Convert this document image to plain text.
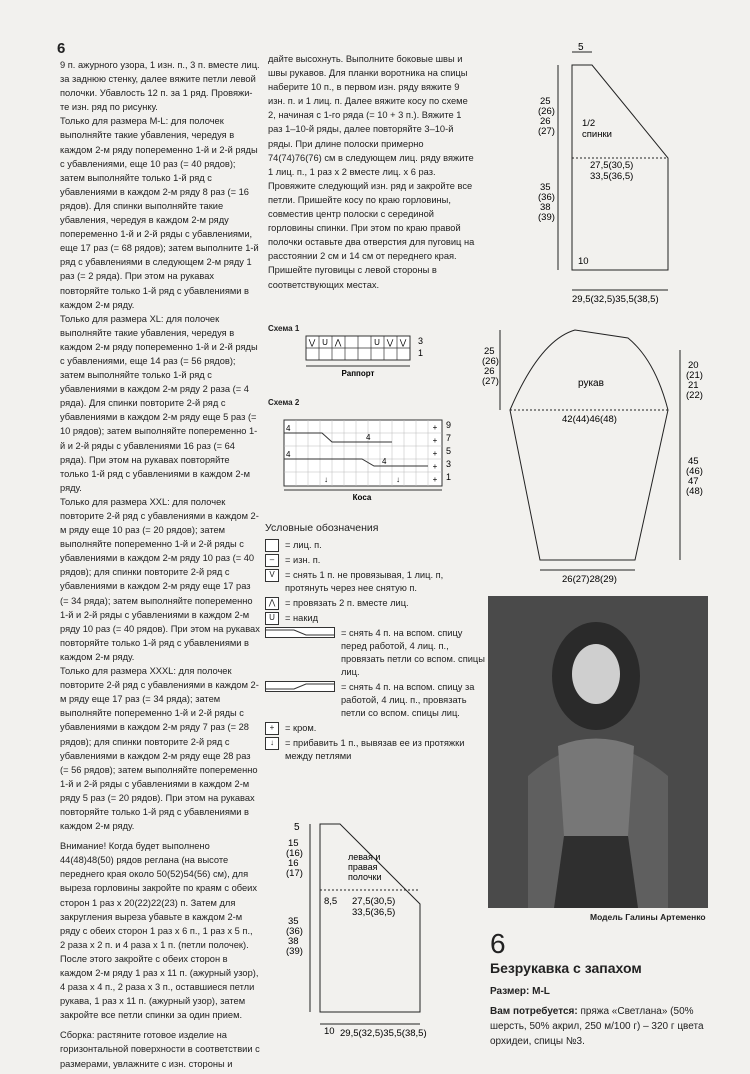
6

9 п. ажурного узора, 1 изн. п., 3 п. вместе лиц. за заднюю стенку, далее вяжите петли левой полочки. Убавлость 12 п. за 1 ряд. Провяжи-те изн. ряд по рисунку.

Только для размера M-L: для полочек выполняйте такие убавления, чередуя в каждом 2-м ряду попеременно 1-й и 2-й ряды с убавлениями, еще 10 раз (= 40 рядов); затем выполняйте только 1-й ряд с убавлениями в каждом 2-м ряду 8 раз (= 16 рядов). Для спинки выполняйте такие убавления, чередуя в каждом 2-м ряду попеременно 1-й и 2-й ряды с убавлениями, еще 17 раз (= 68 рядов); затем выполните 1-й ряд с убавлениями в следующем 2-м ряду 1 раз (= 2 ряда). При этом на рукавах повторяйте только 1-й ряд с убавлениями в каждом 2-м ряду.

Только для размера XL: для полочек выполняйте такие убавления, чередуя в каждом 2-м ряду попеременно 1-й и 2-й ряды с убавлениями, еще 14 раз (= 56 рядов); затем выполняйте только 1-й ряд с убавлениями в каждом 2-м ряду 2 раза (= 4 ряда). Для спинки повторите 2-й ряд с убавлениями в каждом 2-м ряду еще 5 раз (= 10 рядов); затем выполняйте попеременно 1-й и 2-й ряды с убавлениями 16 раз (= 64 ряда). При этом на рукавах повторяйте только 1-й ряд с убавлениями в каждом 2-м ряду.

Только для размера XXL: для полочек повторите 2-й ряд с убавлениями в каждом 2-м ряду еще 10 раз (= 20 рядов); затем выполняйте попеременно 1-й и 2-й ряды с убавлениями в каждом 2-м ряду 10 раз (= 40 рядов); для спинки повторите 2-й ряд с убавлениями в каждом 2-м ряду еще 17 раз (= 34 ряда); затем выполняйте попеременно 1-й и 2-й ряды с убавлениями в каждом 2-м ряду 10 раз (= 40 рядов). При этом на рукавах повторяйте только 1-й ряд с убавлениями в каждом 2-м ряду.

Только для размера XXXL: для полочек повторите 2-й ряд с убавлениями в каждом 2-м ряду еще 17 раз (= 34 ряда); затем выполняйте попеременно 1-й и 2-й ряды с убавлениями в каждом 2-м ряду 7 раз (= 28 рядов); для спинки повторите 2-й ряд с убавлениями в каждом 2-м ряду еще 28 раз (= 56 рядов); затем выполняйте попеременно 1-й и 2-й ряды с убавлениями в каждом 2-м ряду 5 раз (= 20 рядов). При этом на рукавах повторяйте только 1-й ряд с убавлениями в каждом 2-м ряду.

Внимание! Когда будет выполнено 44(48)48(50) рядов реглана (на высоте переднего края около 50(52)54(56) см), для выреза горловины закройте по краям с обеих сторон 1 раз х 20(22)22(23) п. Затем для закругления выреза убавьте в каждом 2-м ряду с обеих сторон 1 раз х 6 п., 1 раз х 5 п., 2 раза х 2 п. и 4 раза х 1 п. (петли полочек). После этого закройте с обеих сторон в каждом 2-м ряду 1 раз х 11 п. (ажурный узор), 4 раза х 4 п., 2 раза х 3 п., оставшиеся петли рукава, 1 раз х 11 п. (ажурный узор), затем закройте все петли спинки за один прием.

Сборка: растяните готовое изделие на горизонтальной поверхности в соответствии с размерами, увлажните с изн. стороны и

дайте высохнуть. Выполните боковые швы и швы рукавов. Для планки воротника на спицы наберите 10 п., в первом изн. ряду вяжите 9 изн. п. и 1 лиц. п. Далее вяжите косу по схеме 2, начиная с 1-го ряда (= 10 + 3 п.). Вяжите 1 раз 1–10-й ряды, далее повторяйте 3–10-й ряды. При длине полоски примерно 74(74)76(76) см в следующем лиц. ряду вяжите 1 лиц. п., 1 раз х 2 вместе лиц. х 6 раз. Провяжите следующий изн. ряд и закройте все петли. Пришейте косу по краю горловины, совместив центр полоски с серединой горловины спинки. При этом по краю правой полочки оставьте два отверстия для пуговиц на расстоянии 2 см и 14 см от переднего края. Пришейте пуговицы с левой стороны в соответствующих местах.

Схема 1
⋁ U ⋀	U ⋁ ⋁ 3
1
Раппорт
Схема 2
4
4
4
4
+
+
+
+
+
↓	↓
9
7
5
3
1
Коса
Условные обозначения
= лиц. п.
–	= изн. п.
V	= снять 1 п. не провязывая, 1 лиц. п, протянуть через нее снятую п.
⋀	= провязать 2 п. вместе лиц.
U	= накид
= снять 4 п. на вспом. спицу перед работой, 4 лиц. п., провязать петли со вспом. спицы лиц.
= снять 4 п. на вспом. спицу за работой, 4 лиц. п., провязать петли со вспом. спицы лиц.
+	= кром.
↓	= прибавить 1 п., вывязав ее из протяжки между петлями
5
25 (26) 26 (27)
35 (36) 38 (39)
1/2 спинки
27,5(30,5) 33,5(36,5)
10
29,5(32,5)35,5(38,5)
25 (26) 26 (27)	рукав
42(44)46(48)
20 (21) 21 (22)
45 (46) 47 (48)
26(27)28(29)
5
15 (16) 16 (17)
35 (36) 38 (39)
левая и правая полочки
8,5 27,5(30,5) 33,5(36,5)
10 29,5(32,5)35,5(38,5)
Модель Галины Артеменко
6
Безрукавка с запахом
Размер: M-L
Вам потребуется: пряжа «Светлана» (50% шерсть, 50% акрил, 250 м/100 г) – 320 г цвета орхидеи, спицы №3.
